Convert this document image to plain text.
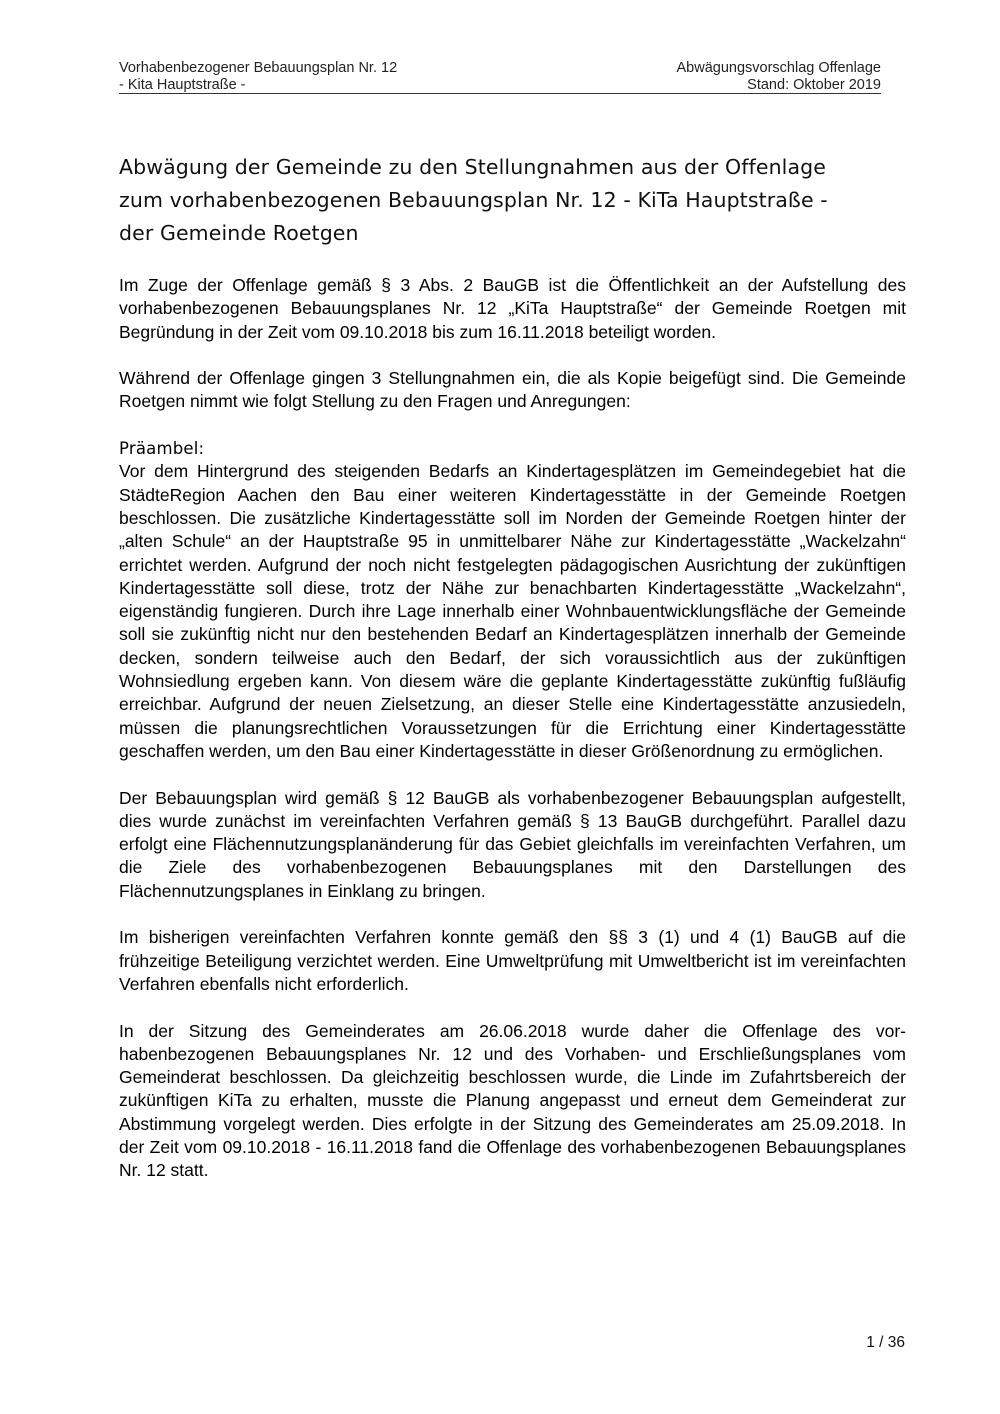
Vorhabenbezogener Bebauungsplan Nr. 12	Abwägungsvorschlag Offenlage
- Kita Hauptstraße -	Stand: Oktober 2019
Abwägung der Gemeinde zu den Stellungnahmen aus der Offenlage
zum vorhabenbezogenen Bebauungsplan Nr. 12 - KiTa Hauptstraße -
der Gemeinde Roetgen

Im Zuge der Offenlage gemäß § 3 Abs. 2 BauGB ist die Öffentlichkeit an der Aufstellung des vorhabenbezogenen Bebauungsplanes Nr. 12 „KiTa Hauptstraße“ der Gemeinde Roetgen mit Begründung in der Zeit vom 09.10.2018 bis zum 16.11.2018 beteiligt worden.

Während der Offenlage gingen 3 Stellungnahmen ein, die als Kopie beigefügt sind. Die Gemeinde Roetgen nimmt wie folgt Stellung zu den Fragen und Anregungen:

Präambel:
Vor dem Hintergrund des steigenden Bedarfs an Kindertagesplätzen im Gemeindegebiet hat die StädteRegion Aachen den Bau einer weiteren Kindertagesstätte in der Gemeinde Roetgen beschlossen. Die zusätzliche Kindertagesstätte soll im Norden der Gemeinde Roetgen hinter der „alten Schule“ an der Hauptstraße 95 in unmittelbarer Nähe zur Kindertagesstätte „Wackelzahn“ errichtet werden. Aufgrund der noch nicht festgelegten pädagogischen Ausrichtung der zukünftigen Kindertagesstätte soll diese, trotz der Nähe zur benachbarten Kindertagesstätte „Wackelzahn“, eigenständig fungieren. Durch ihre Lage innerhalb einer Wohnbauentwicklungsfläche der Gemeinde soll sie zukünftig nicht nur den bestehenden Bedarf an Kindertagesplätzen innerhalb der Gemeinde decken, sondern teilweise auch den Bedarf, der sich voraussichtlich aus der zukünftigen Wohnsiedlung ergeben kann. Von diesem wäre die geplante Kindertagesstätte zukünftig fußläufig erreichbar. Aufgrund der neuen Zielsetzung, an dieser Stelle eine Kindertagesstätte anzusiedeln, müssen die planungsrechtlichen Voraussetzungen für die Errichtung einer Kindertagesstätte geschaffen werden, um den Bau einer Kindertagesstätte in dieser Größenordnung zu ermöglichen.

Der Bebauungsplan wird gemäß § 12 BauGB als vorhabenbezogener Bebauungsplan aufgestellt, dies wurde zunächst im vereinfachten Verfahren gemäß § 13 BauGB durchgeführt. Parallel dazu erfolgt eine Flächennutzungsplanänderung für das Gebiet gleichfalls im vereinfachten Verfahren, um die Ziele des vorhabenbezogenen Bebauungsplanes mit den Darstellungen des Flächennutzungsplanes in Einklang zu bringen.

Im bisherigen vereinfachten Verfahren konnte gemäß den §§ 3 (1) und 4 (1) BauGB auf die frühzeitige Beteiligung verzichtet werden. Eine Umweltprüfung mit Umweltbericht ist im vereinfachten Verfahren ebenfalls nicht erforderlich.

In der Sitzung des Gemeinderates am 26.06.2018 wurde daher die Offenlage des vorhabenbezogenen Bebauungsplanes Nr. 12 und des Vorhaben- und Erschließungsplanes vom Gemeinderat beschlossen. Da gleichzeitig beschlossen wurde, die Linde im Zufahrtsbereich der zukünftigen KiTa zu erhalten, musste die Planung angepasst und erneut dem Gemeinderat zur Abstimmung vorgelegt werden. Dies erfolgte in der Sitzung des Gemeinderates am 25.09.2018. In der Zeit vom 09.10.2018 - 16.11.2018 fand die Offenlage des vorhabenbezogenen Bebauungsplanes Nr. 12 statt.

1 / 36
